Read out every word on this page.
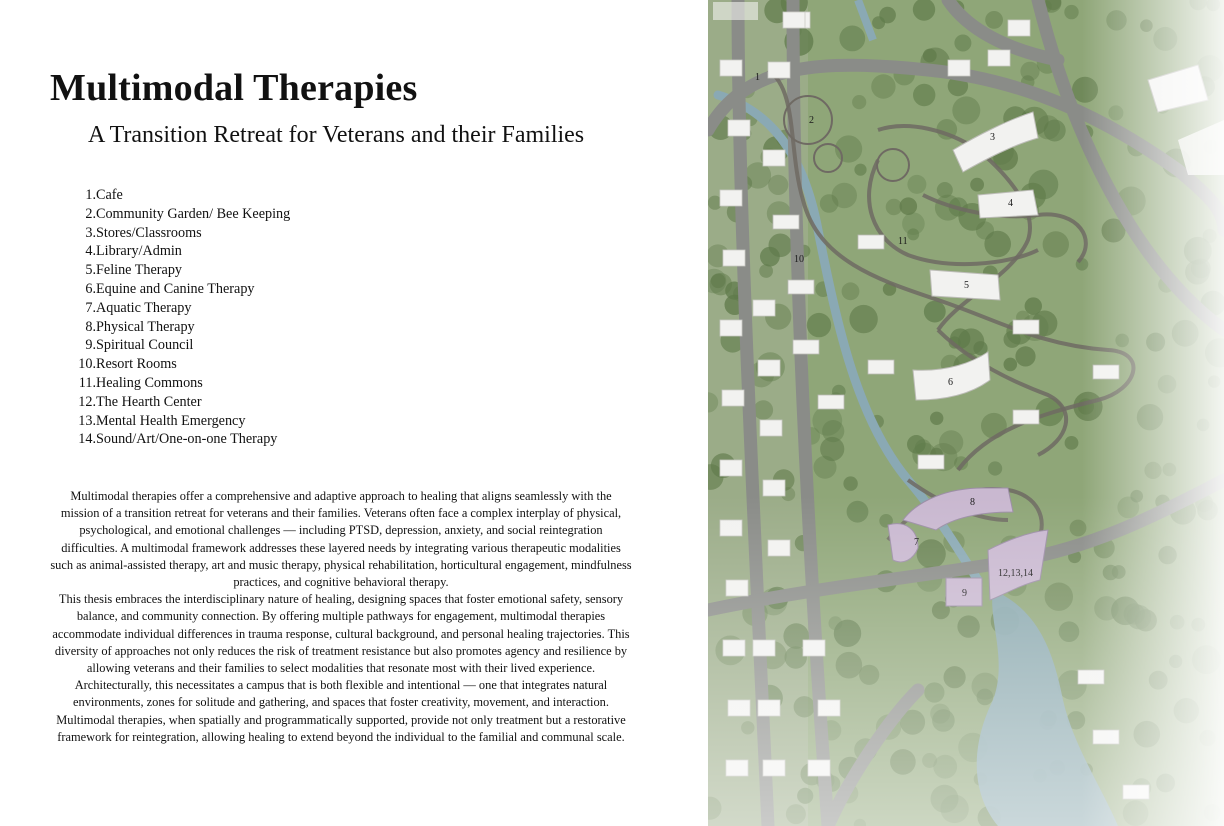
Multimodal Therapies
A Transition Retreat for Veterans and their Families
1.Cafe
2.Community Garden/ Bee Keeping
3.Stores/Classrooms
4.Library/Admin
5.Feline Therapy
6.Equine and Canine Therapy
7.Aquatic Therapy
8.Physical Therapy
9.Spiritual Council
10.Resort Rooms
11.Healing Commons
12.The Hearth Center
13.Mental Health Emergency
14.Sound/Art/One-on-one Therapy

Multimodal therapies offer a comprehensive and adaptive approach to healing that aligns seamlessly with the mission of a transition retreat for veterans and their families. Veterans often face a complex interplay of physical, psychological, and emotional challenges — including PTSD, depression, anxiety, and social reintegration difficulties. A multimodal framework addresses these layered needs by integrating various therapeutic modalities such as animal-assisted therapy, art and music therapy, physical rehabilitation, horticultural engagement, mindfulness practices, and cognitive behavioral therapy.

This thesis embraces the interdisciplinary nature of healing, designing spaces that foster emotional safety, sensory balance, and community connection. By offering multiple pathways for engagement, multimodal therapies accommodate individual differences in trauma response, cultural background, and personal healing trajectories. This diversity of approaches not only reduces the risk of treatment resistance but also promotes agency and resilience by allowing veterans and their families to select modalities that resonate most with their lived experience.

Architecturally, this necessitates a campus that is both flexible and intentional — one that integrates natural environments, zones for solitude and gathering, and spaces that foster creativity, movement, and interaction. Multimodal therapies, when spatially and programmatically supported, provide not only treatment but a restorative framework for reintegration, allowing healing to extend beyond the individual to the familial and communal scale.
